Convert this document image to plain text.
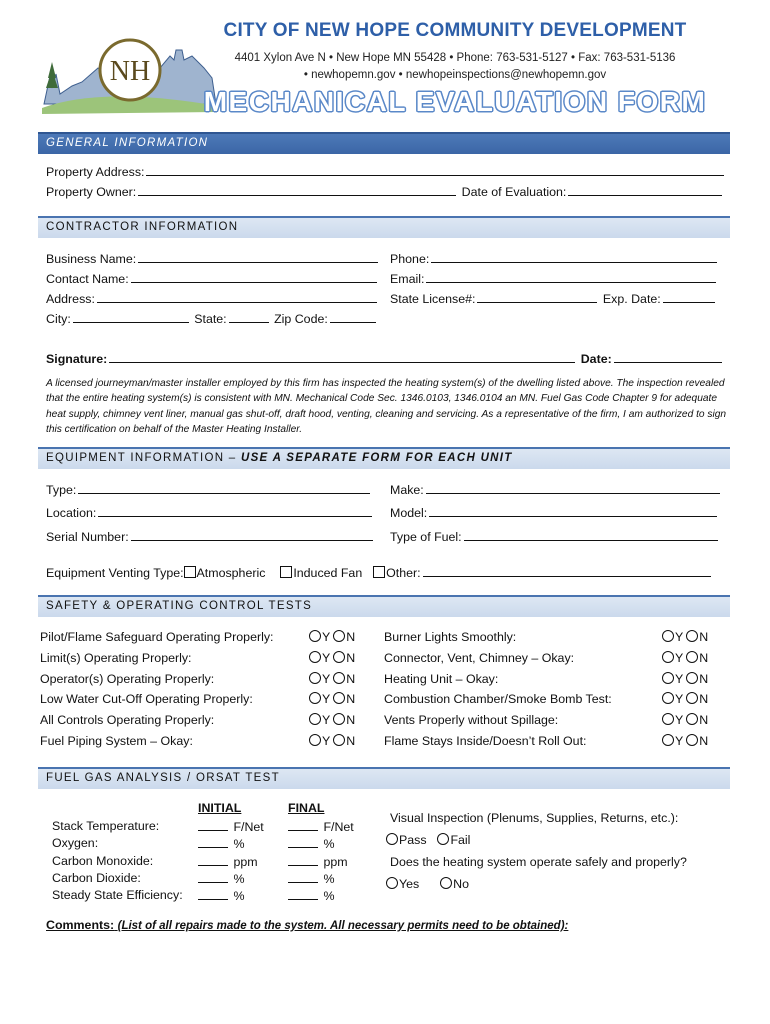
NH
CITY OF NEW HOPE COMMUNITY DEVELOPMENT
4401 Xylon Ave N • New Hope MN 55428 • Phone: 763-531-5127 • Fax: 763-531-5136
• newhopemn.gov • newhopeinspections@newhopemn.gov
MECHANICAL EVALUATION FORM
GENERAL INFORMATION
Property Address:
Property Owner:	Date of Evaluation:
CONTRACTOR INFORMATION
Business Name:
Contact Name:
Address:
City:	State:	Zip Code:
Phone:
Email:
State License#:	Exp. Date:
Signature:	Date:
A licensed journeyman/master installer employed by this firm has inspected the heating system(s) of the dwelling listed above. The inspection revealed that the entire heating system(s) is consistent with MN. Mechanical Code Sec. 1346.0103, 1346.0104 an MN. Fuel Gas Code Chapter 9 for adequate heat supply, chimney vent liner, manual gas shut-off, draft hood, venting, cleaning and servicing. As a representative of the firm, I am authorized to sign this certification on behalf of the Master Heating Installer.
EQUIPMENT INFORMATION – USE A SEPARATE FORM FOR EACH UNIT
Type:
Location:
Serial Number:
Make:
Model:
Type of Fuel:
Equipment Venting Type: Atmospheric Induced Fan Other:
SAFETY & OPERATING CONTROL TESTS
Pilot/Flame Safeguard Operating Properly:	Y N
Limit(s) Operating Properly:	Y N
Operator(s) Operating Properly:	Y N
Low Water Cut-Off Operating Properly:	Y N
All Controls Operating Properly:	Y N
Fuel Piping System – Okay:	Y N
Burner Lights Smoothly:	Y N
Connector, Vent, Chimney – Okay:	Y N
Heating Unit – Okay:	Y N
Combustion Chamber/Smoke Bomb Test:	Y N
Vents Properly without Spillage:	Y N
Flame Stays Inside/Doesn’t Roll Out:	Y N
FUEL GAS ANALYSIS / ORSAT TEST
INITIAL	FINAL
Stack Temperature:	F/Net	F/Net
Oxygen:	%	%
Carbon Monoxide:	ppm	ppm
Carbon Dioxide:	%	%
Steady State Efficiency:	%	%
Visual Inspection (Plenums, Supplies, Returns, etc.):
Pass Fail
Does the heating system operate safely and properly?
Yes	No
Comments: (List of all repairs made to the system. All necessary permits need to be obtained):
